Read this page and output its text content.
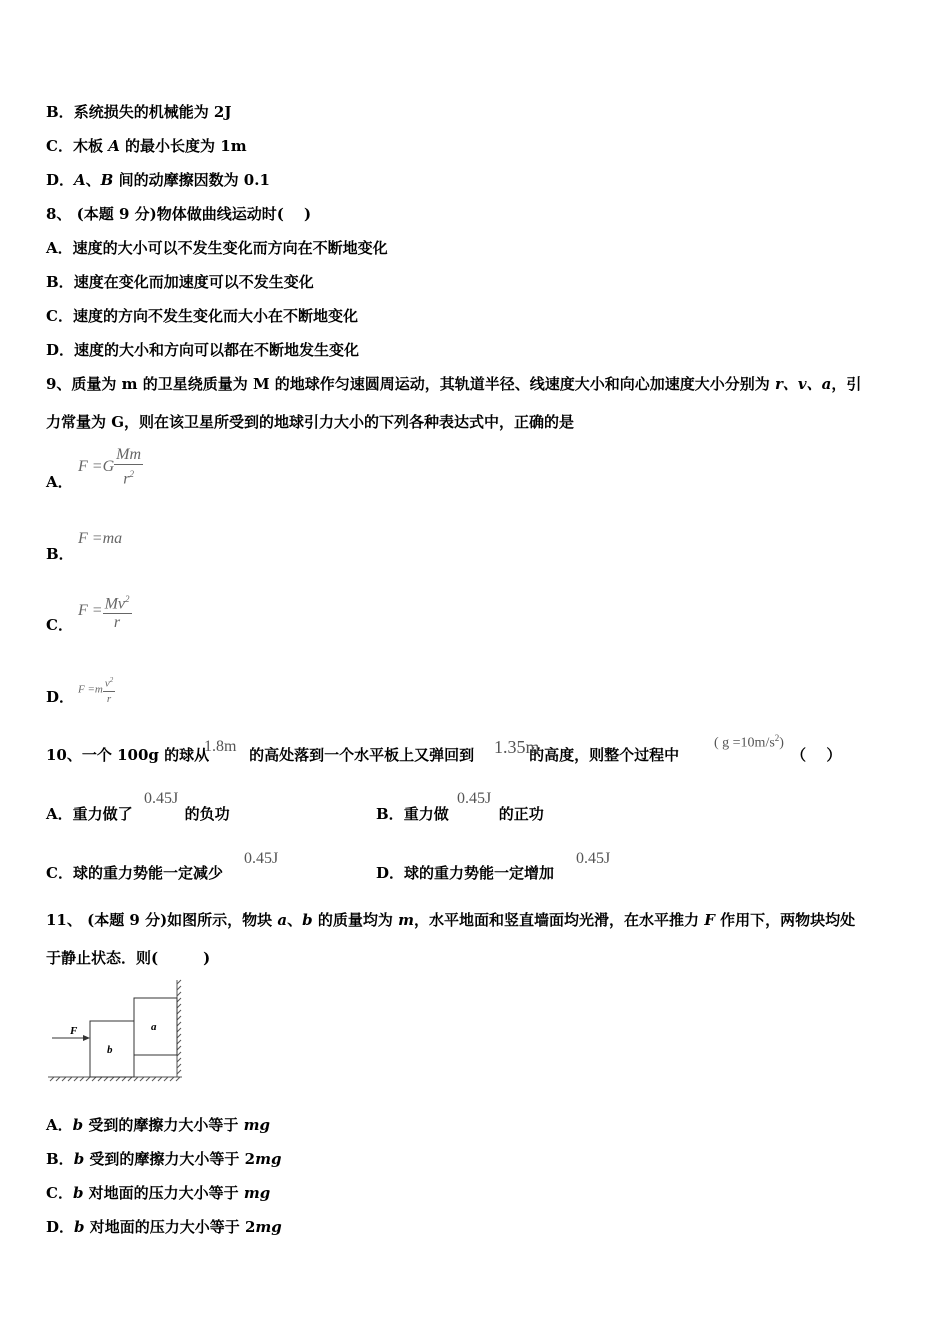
B．系统损失的机械能为 2J
C．木板 A 的最小长度为 1m
D．A、B 间的动摩擦因数为 0.1
8、 (本题 9 分)物体做曲线运动时(　 )
A．速度的大小可以不发生变化而方向在不断地变化
B．速度在变化而加速度可以不发生变化
C．速度的方向不发生变化而大小在不断地变化
D．速度的大小和方向可以都在不断地发生变化
9、质量为 m 的卫星绕质量为 M 的地球作匀速圆周运动，其轨道半径、线速度大小和向心加速度大小分别为 r、v、a，引
力常量为 G，则在该卫星所受到的地球引力大小的下列各种表达式中，正确的是
A．
$F =G \frac{Mm}{r^2}$
B．
F =ma
C．
$F = \frac{Mv^2}{r}$
D． $F =m \frac{v^2}{r}$
10、一个 100g 的球从	的高处落到一个水平板上又弹回到	的高度，则整个过程中	（　 ）
1.8m	1.35m	( $g =10m/s^2$)
A．重力做了	的负功
0.45J
B．重力做	的正功
0.45J
C．球的重力势能一定减少
0.45J
D．球的重力势能一定增加
0.45J
11、 (本题 9 分)如图所示，物块 a、b 的质量均为 m，水平地面和竖直墙面均光滑，在水平推力 F 作用下，两物块均处
于静止状态．则(　　　)
F	a
b
A．b 受到的摩擦力大小等于 mg
B．b 受到的摩擦力大小等于 2mg
C．b 对地面的压力大小等于 mg
D．b 对地面的压力大小等于 2mg
